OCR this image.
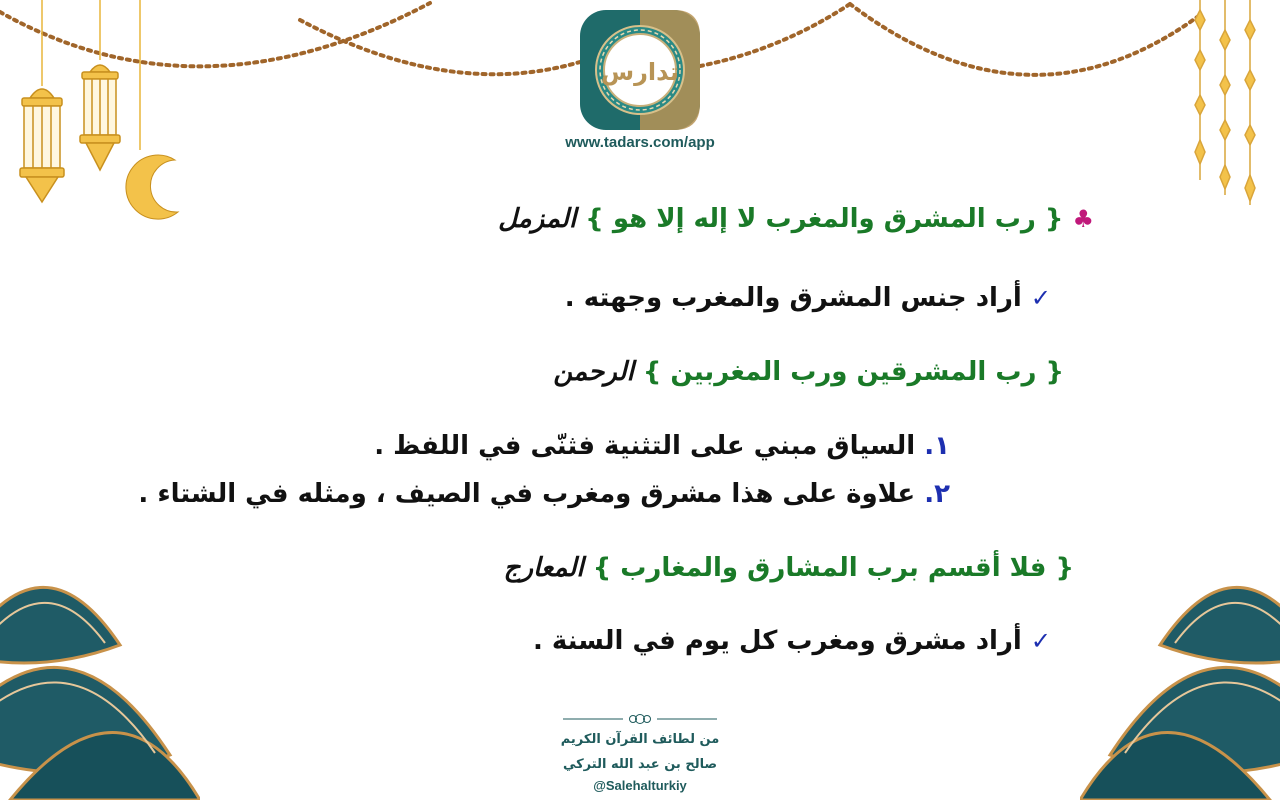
تدارس
www.tadars.com/app
♣ { رب المشرق والمغرب لا إله إلا هو } المزمل
✓ أراد جنس المشرق والمغرب وجهته .
{ رب المشرقين ورب المغربين } الرحمن
١. السياق مبني على التثنية فثنّى في اللفظ .
٢. علاوة على هذا مشرق ومغرب في الصيف ، ومثله في الشتاء .
{ فلا أقسم برب المشارق والمغارب } المعارج
✓ أراد مشرق ومغرب كل يوم في السنة .
من لطائف القرآن الكريم
صالح بن عبد الله التركي
@Salehalturkiy
